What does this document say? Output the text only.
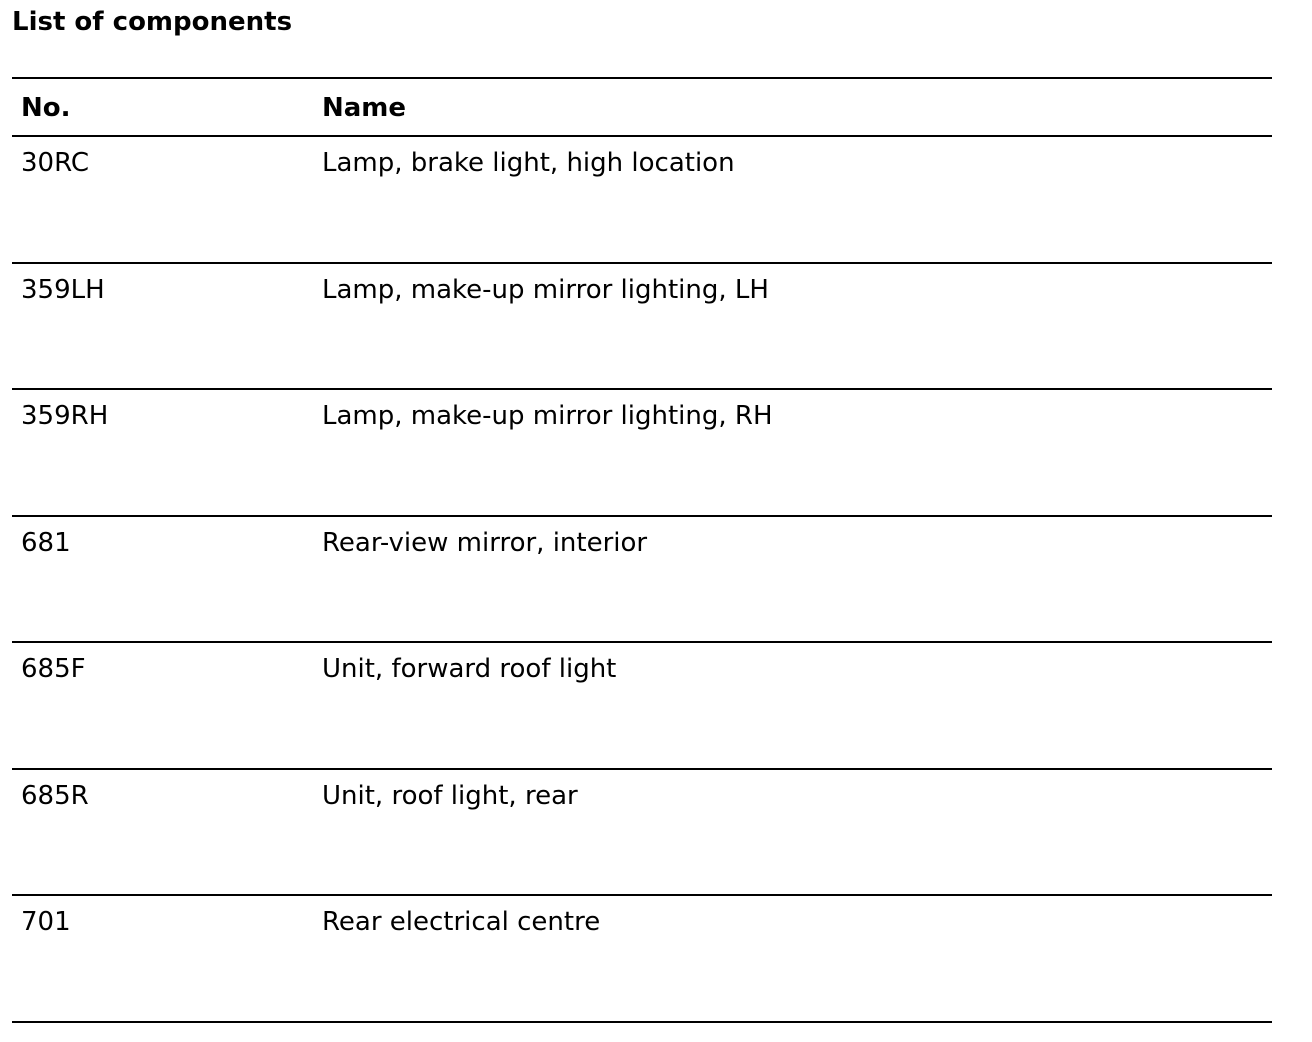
List of components
No.	Name
30RC	Lamp, brake light, high location
359LH	Lamp, make-up mirror lighting, LH
359RH	Lamp, make-up mirror lighting, RH
681	Rear-view mirror, interior
685F	Unit, forward roof light
685R	Unit, roof light, rear
701	Rear electrical centre
